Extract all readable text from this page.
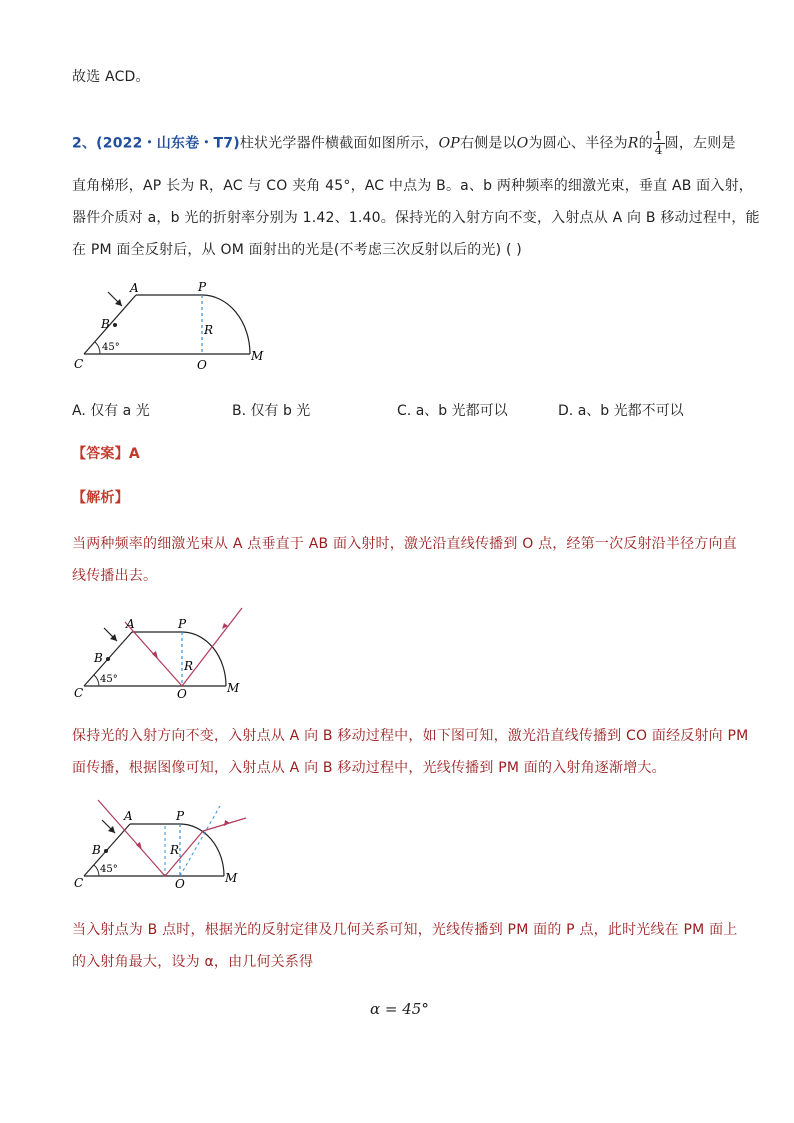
故选 ACD。
2、(2022・山东卷・T7)柱状光学器件横截面如图所示，OP右侧是以O为圆心、半径为R的 $\frac{1}{4}$ 圆，左则是
直角梯形，AP 长为 R，AC 与 CO 夹角 45°，AC 中点为 B。a、b 两种频率的细激光束，垂直 AB 面入射，
器件介质对 a，b 光的折射率分别为 1.42、1.40。保持光的入射方向不变，入射点从 A 向 B 移动过程中，能
在 PM 面全反射后，从 OM 面射出的光是(不考虑三次反射以后的光) ( )
A	P
B
C	O
M
R
45°
A. 仅有 a 光	B. 仅有 b 光	C. a、b 光都可以	D. a、b 光都不可以
【答案】A
【解析】
当两种频率的细激光束从 A 点垂直于 AB 面入射时，激光沿直线传播到 O 点，经第一次反射沿半径方向直
线传播出去。
A	P
B
C	O	M
R
45°
保持光的入射方向不变，入射点从 A 向 B 移动过程中，如下图可知，激光沿直线传播到 CO 面经反射向 PM
面传播，根据图像可知，入射点从 A 向 B 移动过程中，光线传播到 PM 面的入射角逐渐增大。
A	P
B
C	O	M
R
45°
当入射点为 B 点时，根据光的反射定律及几何关系可知，光线传播到 PM 面的 P 点，此时光线在 PM 面上
的入射角最大，设为 α，由几何关系得
α = 45°
